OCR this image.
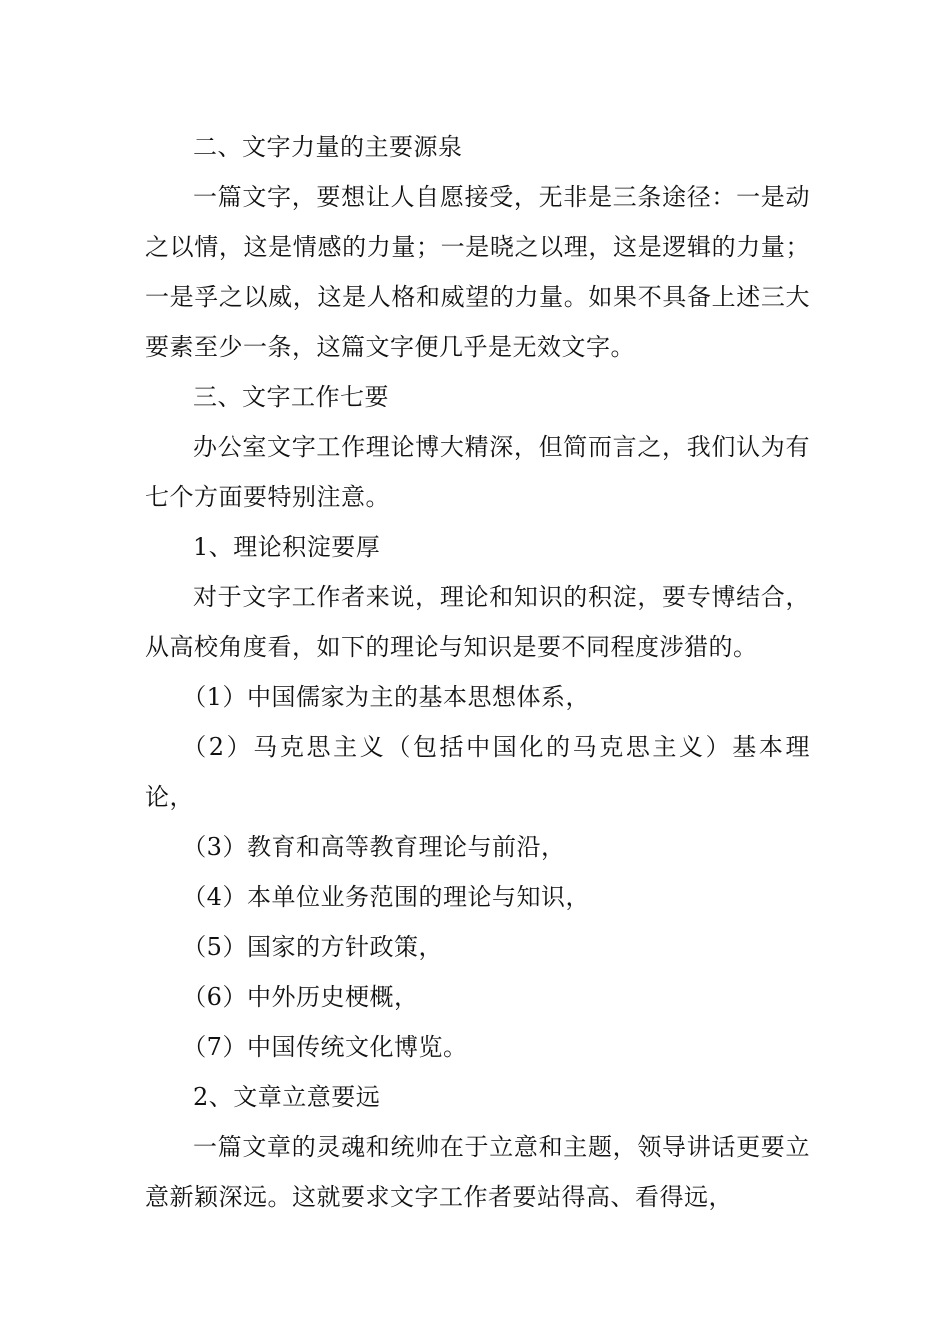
二、文字力量的主要源泉

一篇文字，要想让人自愿接受，无非是三条途径：一是动之以情，这是情感的力量；一是晓之以理，这是逻辑的力量；一是孚之以威，这是人格和威望的力量。如果不具备上述三大要素至少一条，这篇文字便几乎是无效文字。

三、文字工作七要

办公室文字工作理论博大精深，但简而言之，我们认为有七个方面要特别注意。

1、理论积淀要厚

对于文字工作者来说，理论和知识的积淀，要专博结合，从高校角度看，如下的理论与知识是要不同程度涉猎的。

（1）中国儒家为主的基本思想体系，

（2）马克思主义（包括中国化的马克思主义）基本理论，

（3）教育和高等教育理论与前沿，

（4）本单位业务范围的理论与知识，

（5）国家的方针政策，

（6）中外历史梗概，

（7）中国传统文化博览。

2、文章立意要远

一篇文章的灵魂和统帅在于立意和主题，领导讲话更要立意新颖深远。这就要求文字工作者要站得高、看得远，
